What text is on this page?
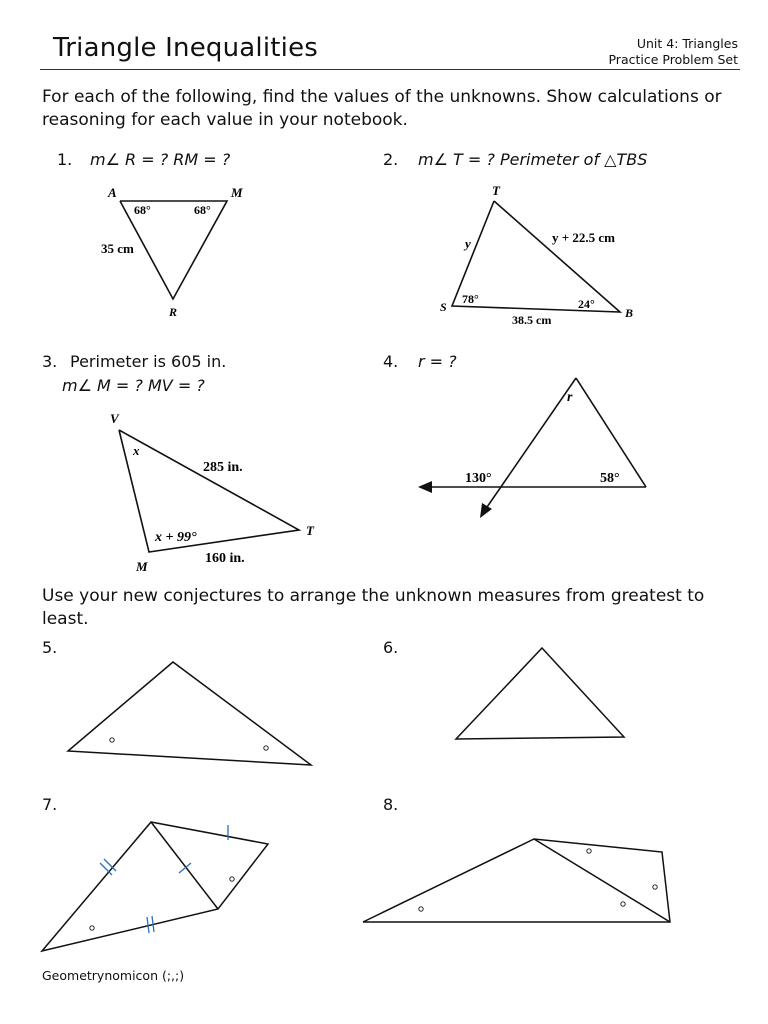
Triangle Inequalities	Unit 4: Triangles
Practice Problem Set
For each of the following, find the values of the unknowns. Show calculations or reasoning for each value in your notebook.
1. m∠ R = ? RM = ?
A	M
R
68°	68°
35 cm
2. m∠ T = ? Perimeter of △TBS
T
S	B
y	y + 22.5 cm
78°	24°
38.5 cm
3. Perimeter is 605 in.
m∠ M = ? MV = ?
V
M
T
x
285 in.
x + 99°
160 in.
4. r = ?
r
130°	58°
Use your new conjectures to arrange the unknown measures from greatest to least.
5.	6.
7.	8.
Geometrynomicon (;,;)
